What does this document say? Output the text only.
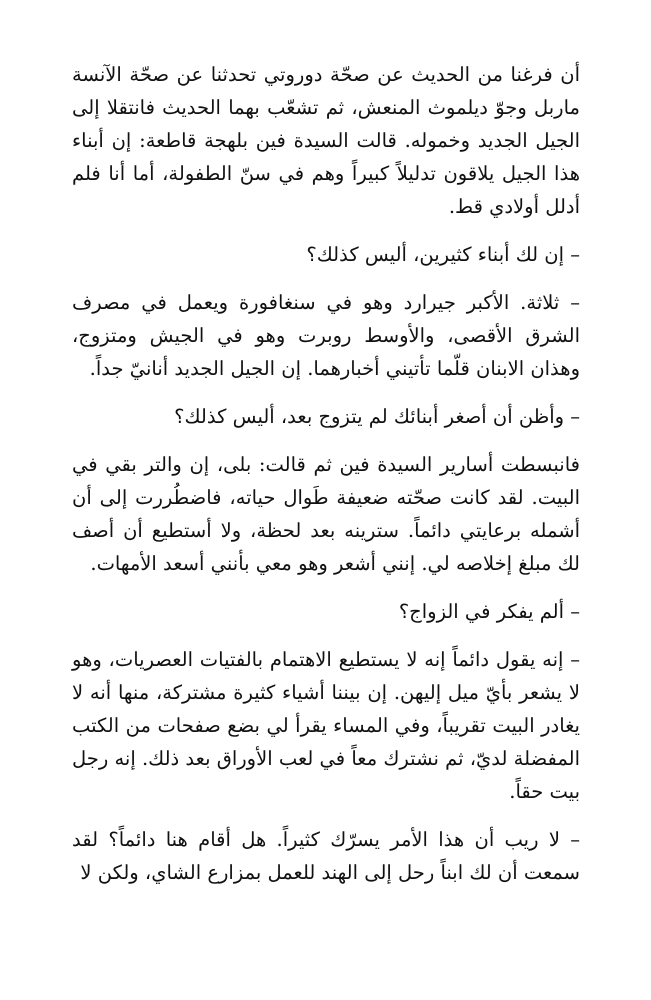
أن فرغنا من الحديث عن صحّة دوروتي تحدثنا عن صحّة الآنسة ماربل وجوّ ديلموث المنعش، ثم تشعّب بهما الحديث فانتقلا إلى الجيل الجديد وخموله. قالت السيدة فين بلهجة قاطعة: إن أبناء هذا الجيل يلاقون تدليلاً كبيراً وهم في سنّ الطفولة، أما أنا فلم أدلل أولادي قط.

– إن لك أبناء كثيرين، أليس كذلك؟

– ثلاثة. الأكبر جيرارد وهو في سنغافورة ويعمل في مصرف الشرق الأقصى، والأوسط روبرت وهو في الجيش ومتزوج، وهذان الابنان قلّما تأتيني أخبارهما. إن الجيل الجديد أنانيّ جداً.

– وأظن أن أصغر أبنائك لم يتزوج بعد، أليس كذلك؟

فانبسطت أسارير السيدة فين ثم قالت: بلى، إن والتر بقي في البيت. لقد كانت صحّته ضعيفة طَوال حياته، فاضطُررت إلى أن أشمله برعايتي دائماً. سترينه بعد لحظة، ولا أستطيع أن أصف لك مبلغ إخلاصه لي. إنني أشعر وهو معي بأنني أسعد الأمهات.

– ألم يفكر في الزواج؟

– إنه يقول دائماً إنه لا يستطيع الاهتمام بالفتيات العصريات، وهو لا يشعر بأيّ ميل إليهن. إن بيننا أشياء كثيرة مشتركة، منها أنه لا يغادر البيت تقريباً، وفي المساء يقرأ لي بضع صفحات من الكتب المفضلة لديّ، ثم نشترك معاً في لعب الأوراق بعد ذلك. إنه رجل بيت حقاً.

– لا ريب أن هذا الأمر يسرّك كثيراً. هل أقام هنا دائماً؟ لقد سمعت أن لك ابناً رحل إلى الهند للعمل بمزارع الشاي، ولكن لا
